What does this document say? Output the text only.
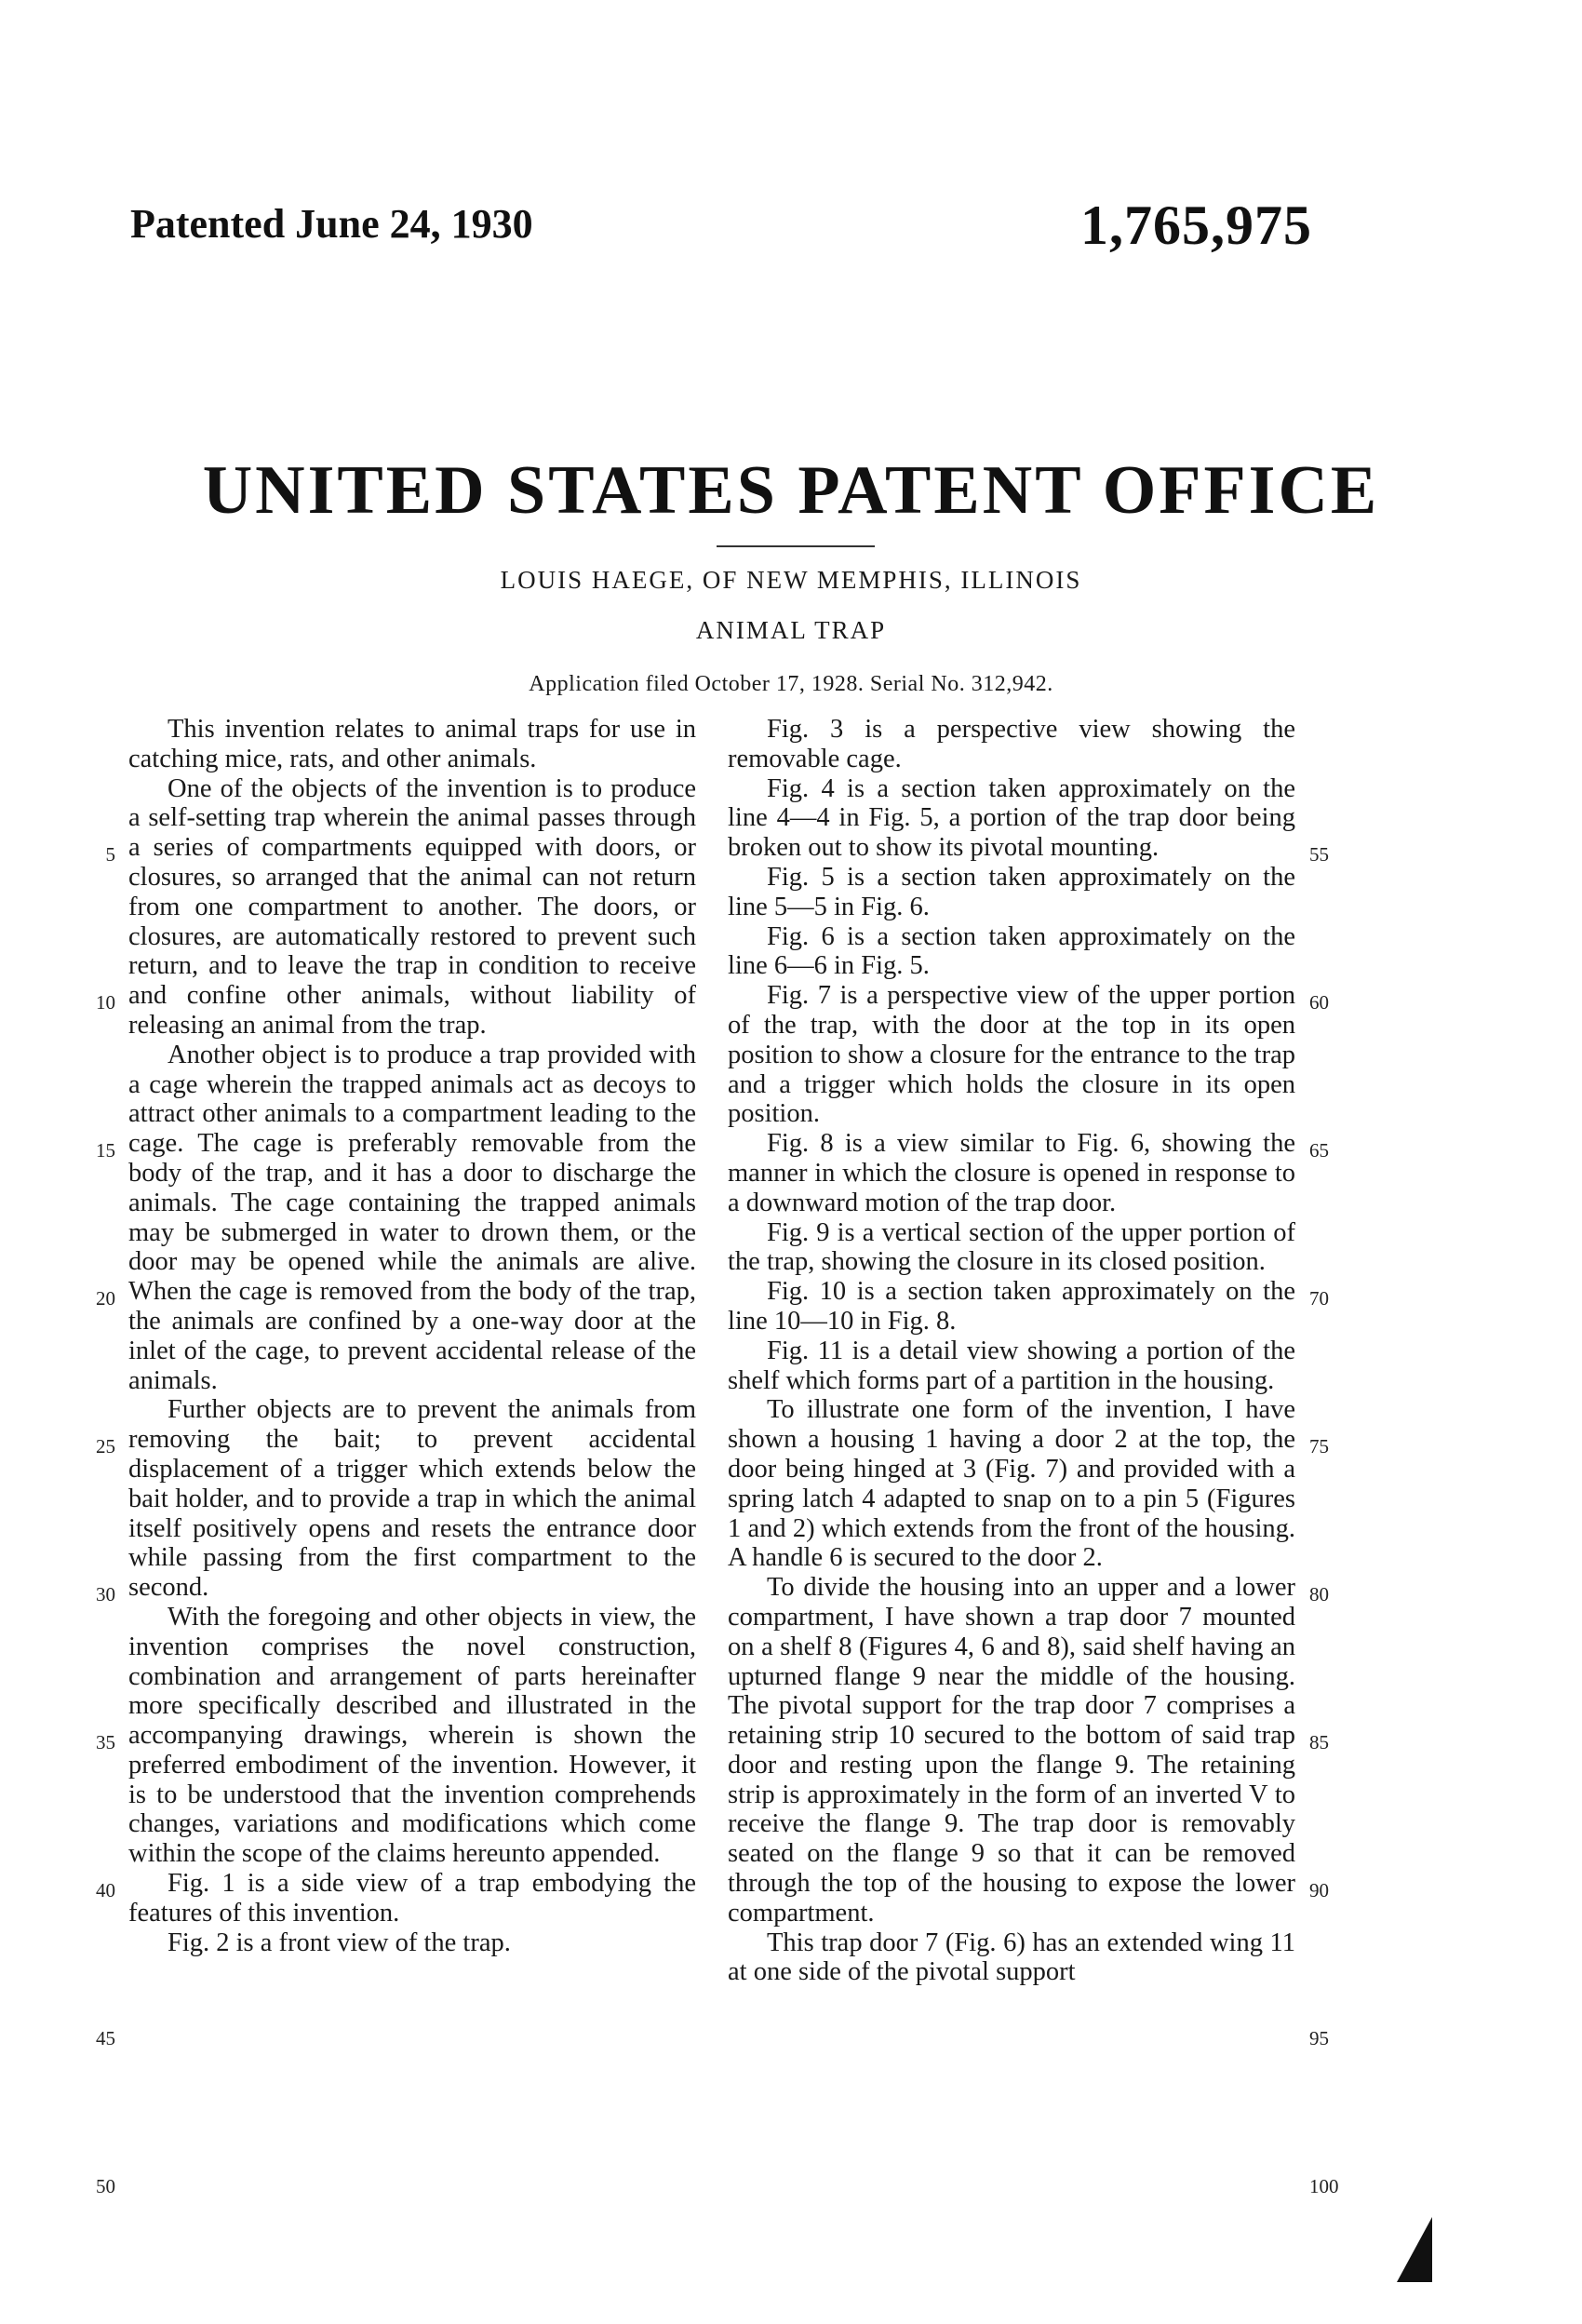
Patented June 24, 1930	1,765,975
UNITED STATES PATENT OFFICE
LOUIS HAEGE, OF NEW MEMPHIS, ILLINOIS
ANIMAL TRAP
Application filed October 17, 1928. Serial No. 312,942.

This invention relates to animal traps for use in catching mice, rats, and other animals.

One of the objects of the invention is to produce a self-setting trap wherein the animal passes through a series of compartments equipped with doors, or closures, so arranged that the animal can not return from one compartment to another. The doors, or closures, are automatically restored to prevent such return, and to leave the trap in condition to receive and confine other animals, without liability of releasing an animal from the trap.

Another object is to produce a trap provided with a cage wherein the trapped animals act as decoys to attract other animals to a compartment leading to the cage. The cage is preferably removable from the body of the trap, and it has a door to discharge the animals. The cage containing the trapped animals may be submerged in water to drown them, or the door may be opened while the animals are alive. When the cage is removed from the body of the trap, the animals are confined by a one-way door at the inlet of the cage, to prevent accidental release of the animals.

Further objects are to prevent the animals from removing the bait; to prevent accidental displacement of a trigger which extends below the bait holder, and to provide a trap in which the animal itself positively opens and resets the entrance door while passing from the first compartment to the second.

With the foregoing and other objects in view, the invention comprises the novel construction, combination and arrangement of parts hereinafter more specifically described and illustrated in the accompanying drawings, wherein is shown the preferred embodiment of the invention. However, it is to be understood that the invention comprehends changes, variations and modifications which come within the scope of the claims hereunto appended.

Fig. 1 is a side view of a trap embodying the features of this invention.

Fig. 2 is a front view of the trap.

Fig. 3 is a perspective view showing the removable cage.

Fig. 4 is a section taken approximately on the line 4—4 in Fig. 5, a portion of the trap door being broken out to show its pivotal mounting.

Fig. 5 is a section taken approximately on the line 5—5 in Fig. 6.

Fig. 6 is a section taken approximately on the line 6—6 in Fig. 5.

Fig. 7 is a perspective view of the upper portion of the trap, with the door at the top in its open position to show a closure for the entrance to the trap and a trigger which holds the closure in its open position.

Fig. 8 is a view similar to Fig. 6, showing the manner in which the closure is opened in response to a downward motion of the trap door.

Fig. 9 is a vertical section of the upper portion of the trap, showing the closure in its closed position.

Fig. 10 is a section taken approximately on the line 10—10 in Fig. 8.

Fig. 11 is a detail view showing a portion of the shelf which forms part of a partition in the housing.

To illustrate one form of the invention, I have shown a housing 1 having a door 2 at the top, the door being hinged at 3 (Fig. 7) and provided with a spring latch 4 adapted to snap on to a pin 5 (Figures 1 and 2) which extends from the front of the housing. A handle 6 is secured to the door 2.

To divide the housing into an upper and a lower compartment, I have shown a trap door 7 mounted on a shelf 8 (Figures 4, 6 and 8), said shelf having an upturned flange 9 near the middle of the housing. The pivotal support for the trap door 7 comprises a retaining strip 10 secured to the bottom of said trap door and resting upon the flange 9. The retaining strip is approximately in the form of an inverted V to receive the flange 9. The trap door is removably seated on the flange 9 so that it can be removed through the top of the housing to expose the lower compartment.

This trap door 7 (Fig. 6) has an extended wing 11 at one side of the pivotal support

5
10
15
20
25
30
35
40
45
50
55
60
65
70
75
80
85
90
95
100
